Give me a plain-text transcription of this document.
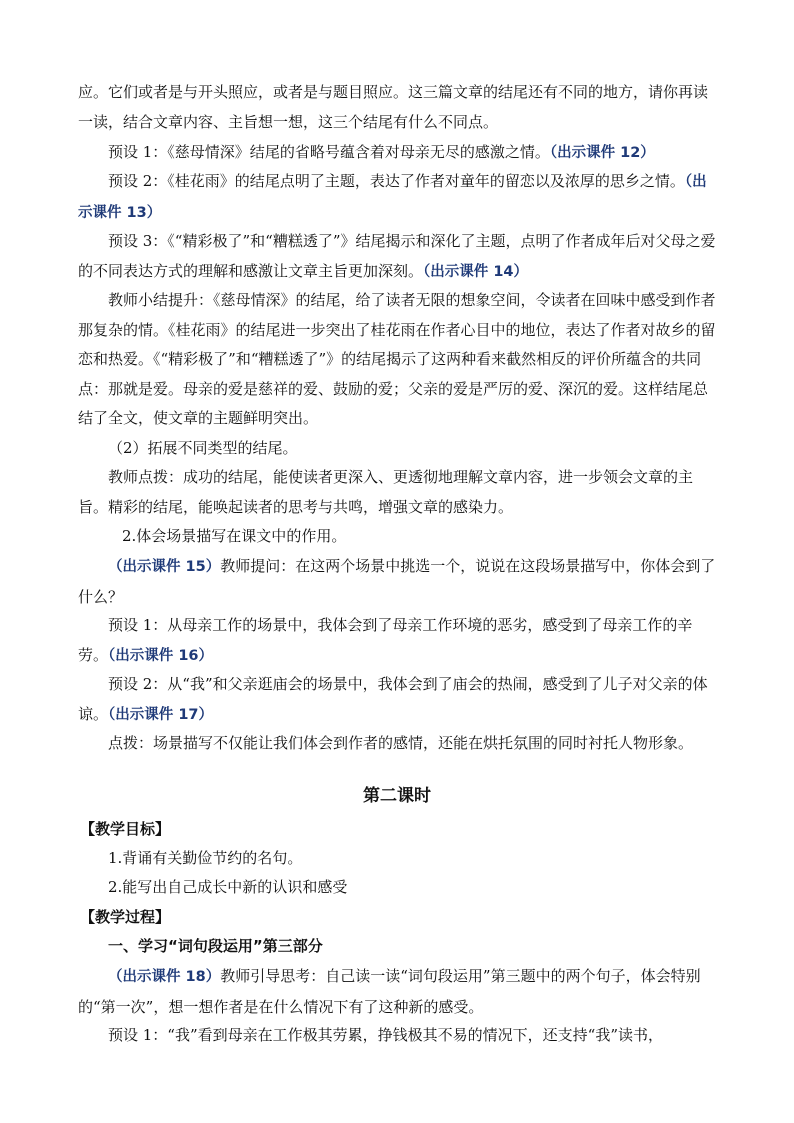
应。它们或者是与开头照应，或者是与题目照应。这三篇文章的结尾还有不同的地方，请你再读一读，结合文章内容、主旨想一想，这三个结尾有什么不同点。

预设 1：《慈母情深》结尾的省略号蕴含着对母亲无尽的感激之情。（出示课件 12）

预设 2：《桂花雨》的结尾点明了主题，表达了作者对童年的留恋以及浓厚的思乡之情。（出示课件 13）

预设 3：《“精彩极了”和“糟糕透了”》结尾揭示和深化了主题，点明了作者成年后对父母之爱的不同表达方式的理解和感激让文章主旨更加深刻。（出示课件 14）

教师小结提升：《慈母情深》的结尾，给了读者无限的想象空间，令读者在回味中感受到作者那复杂的情。《桂花雨》的结尾进一步突出了桂花雨在作者心目中的地位，表达了作者对故乡的留恋和热爱。《“精彩极了”和“糟糕透了”》的结尾揭示了这两种看来截然相反的评价所蕴含的共同点：那就是爱。母亲的爱是慈祥的爱、鼓励的爱；父亲的爱是严厉的爱、深沉的爱。这样结尾总结了全文，使文章的主题鲜明突出。

（2）拓展不同类型的结尾。

教师点拨：成功的结尾，能使读者更深入、更透彻地理解文章内容，进一步领会文章的主旨。精彩的结尾，能唤起读者的思考与共鸣，增强文章的感染力。

2.体会场景描写在课文中的作用。

（出示课件 15）教师提问：在这两个场景中挑选一个，说说在这段场景描写中，你体会到了什么？

预设 1：从母亲工作的场景中，我体会到了母亲工作环境的恶劣，感受到了母亲工作的辛劳。（出示课件 16）

预设 2：从“我”和父亲逛庙会的场景中，我体会到了庙会的热闹，感受到了儿子对父亲的体谅。（出示课件 17）

点拨：场景描写不仅能让我们体会到作者的感情，还能在烘托氛围的同时衬托人物形象。

第二课时
【教学目标】
1.背诵有关勤俭节约的名句。
2.能写出自己成长中新的认识和感受
【教学过程】
一、学习“词句段运用”第三部分

（出示课件 18）教师引导思考：自己读一读“词句段运用”第三题中的两个句子，体会特别的“第一次”，想一想作者是在什么情况下有了这种新的感受。

预设 1：“我”看到母亲在工作极其劳累，挣钱极其不易的情况下，还支持“我”读书，
